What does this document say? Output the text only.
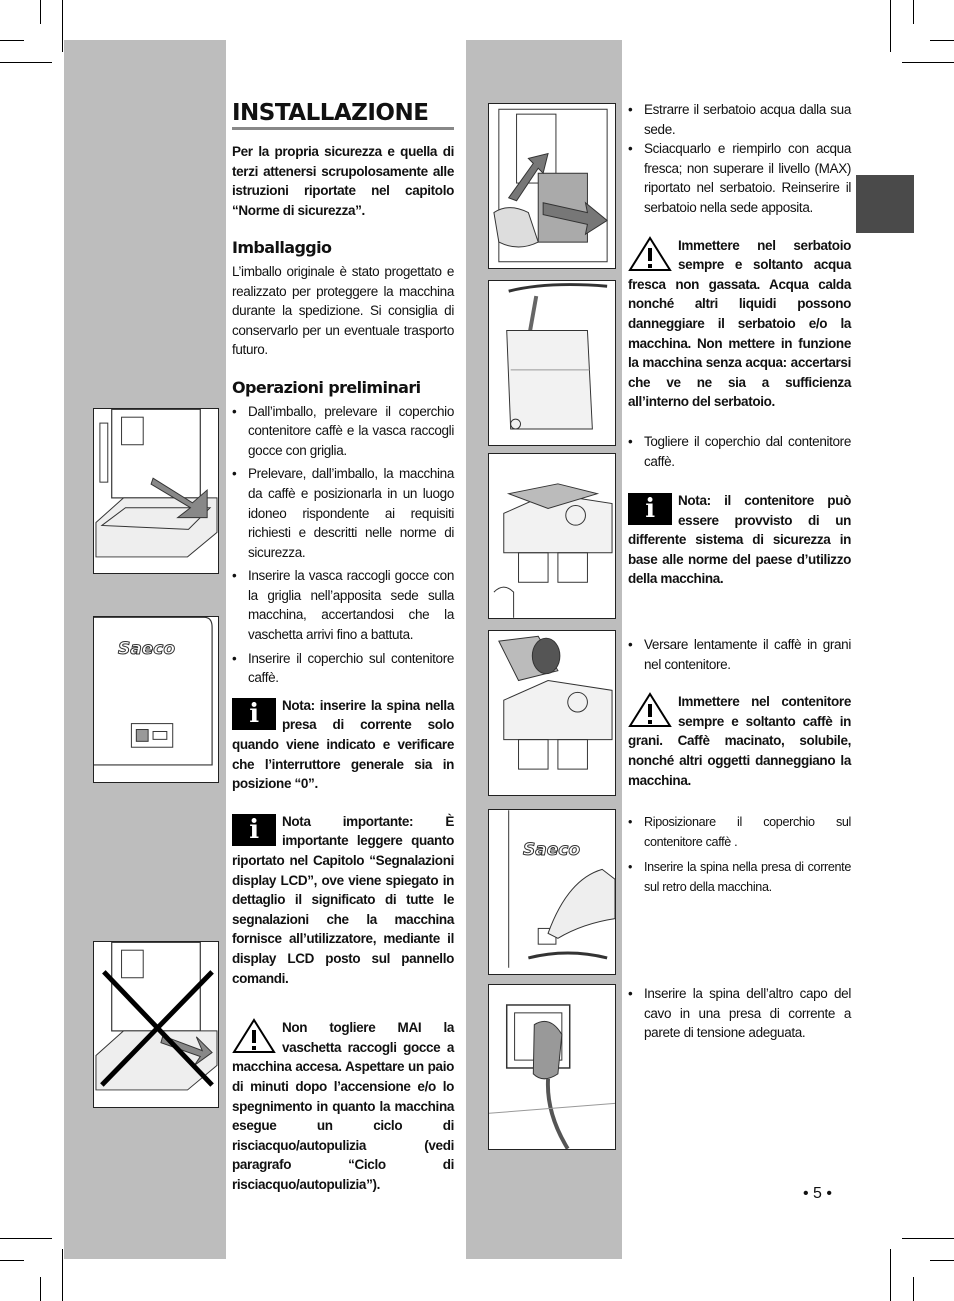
Saeco
Saeco
INSTALLAZIONE
Per la propria sicurezza e quella di terzi attenersi scrupolosamente alle istruzioni riportate nel capitolo “Norme di sicurezza”.
Imballaggio
L’imballo originale è stato progettato e realizzato per proteggere la macchina durante la spedizione. Si consiglia di conservarlo per un eventuale trasporto futuro.
Operazioni preliminari
• Dall’imballo, prelevare il coperchio contenitore caffè e la vasca raccogli gocce con griglia.
• Prelevare, dall’imballo, la macchina da caffè e posizionarla in un luogo idoneo rispondente ai requisiti richiesti e descritti nelle norme di sicurezza.
• Inserire la vasca raccogli gocce con la griglia nell’apposita sede sulla macchina, accertandosi che la vaschetta arrivi fino a battuta.
• Inserire il coperchio sul contenitore caffè.
i	Nota: inserire la spina nella presa di corrente solo quando viene indicato e verificare che l’interruttore generale sia in posizione “0”.
i	Nota importante: È importante leggere quanto riportato nel Capitolo “Segnalazioni display LCD”, ove viene spiegato in dettaglio il significato di tutte le segnalazioni che la macchina fornisce all’utilizzatore, mediante il display LCD posto sul pannello comandi.
Non togliere MAI la vaschetta raccogli gocce a macchina accesa. Aspettare un paio di minuti dopo l’accensione e/o lo spegnimento in quanto la macchina esegue un ciclo di risciacquo/autopulizia (vedi paragrafo “Ciclo di risciacquo/autopulizia”).
• Estrarre il serbatoio acqua dalla sua sede.
• Sciacquarlo e riempirlo con acqua fresca; non superare il livello (MAX) riportato nel serbatoio. Reinserire il serbatoio nella sede apposita.
Immettere nel serbatoio sempre e soltanto acqua fresca non gassata. Acqua calda nonché altri liquidi possono danneggiare il serbatoio e/o la macchina. Non mettere in funzione la macchina senza acqua: accertarsi che ve ne sia a sufficienza all’interno del serbatoio.
• Togliere il coperchio dal contenitore caffè.
i	Nota: il contenitore può essere provvisto di un differente sistema di sicurezza in base alle norme del paese d’utilizzo della macchina.
• Versare lentamente il caffè in grani nel contenitore.
Immettere nel contenitore sempre e soltanto caffè in grani. Caffè macinato, solubile, nonché altri oggetti danneggiano la macchina.
• Riposizionare il coperchio sul contenitore caffè .
• Inserire la spina nella presa di corrente sul retro della macchina.
• Inserire la spina dell’altro capo del cavo in una presa di corrente a parete di tensione adeguata.
• 5 •
